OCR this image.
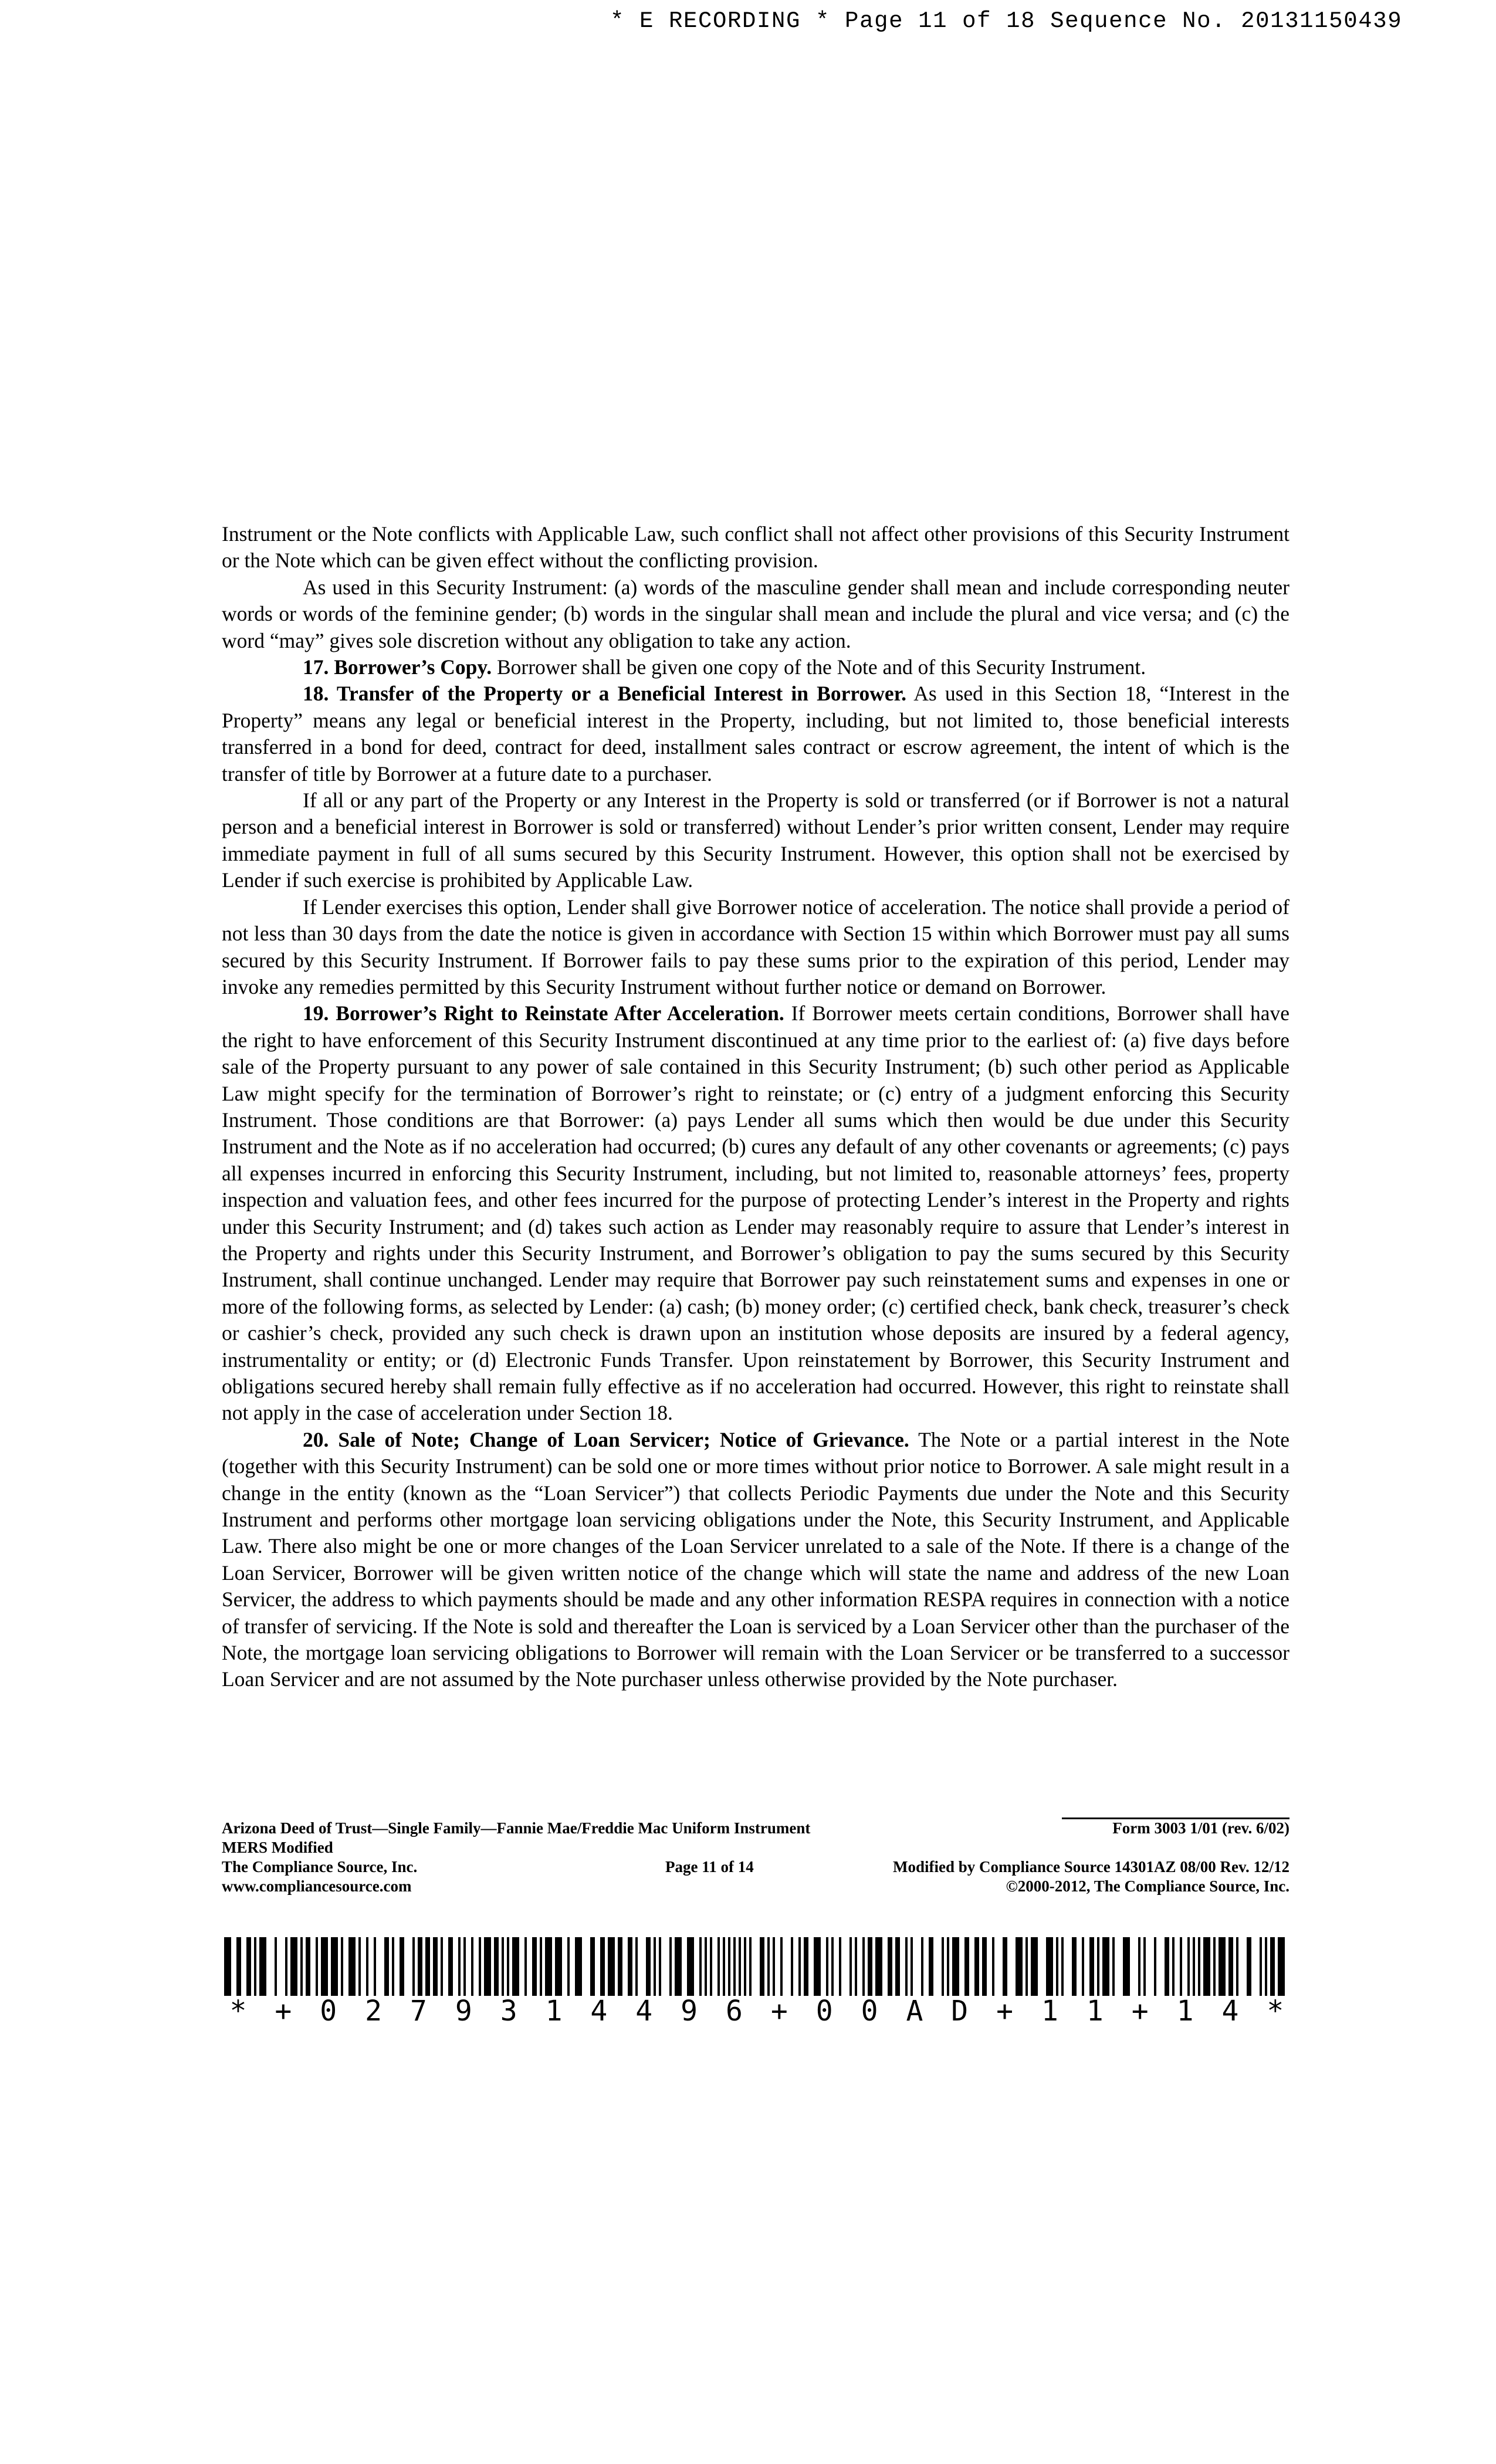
* E RECORDING * Page 11 of 18 Sequence No. 20131150439

Instrument or the Note conflicts with Applicable Law, such conflict shall not affect other provisions of this Security Instrument or the Note which can be given effect without the conflicting provision.

As used in this Security Instrument: (a) words of the masculine gender shall mean and include corresponding neuter words or words of the feminine gender; (b) words in the singular shall mean and include the plural and vice versa; and (c) the word “may” gives sole discretion without any obligation to take any action.

17. Borrower’s Copy. Borrower shall be given one copy of the Note and of this Security Instrument.

18. Transfer of the Property or a Beneficial Interest in Borrower. As used in this Section 18, “Interest in the Property” means any legal or beneficial interest in the Property, including, but not limited to, those beneficial interests transferred in a bond for deed, contract for deed, installment sales contract or escrow agreement, the intent of which is the transfer of title by Borrower at a future date to a purchaser.

If all or any part of the Property or any Interest in the Property is sold or transferred (or if Borrower is not a natural person and a beneficial interest in Borrower is sold or transferred) without Lender’s prior written consent, Lender may require immediate payment in full of all sums secured by this Security Instrument. However, this option shall not be exercised by Lender if such exercise is prohibited by Applicable Law.

If Lender exercises this option, Lender shall give Borrower notice of acceleration. The notice shall provide a period of not less than 30 days from the date the notice is given in accordance with Section 15 within which Borrower must pay all sums secured by this Security Instrument. If Borrower fails to pay these sums prior to the expiration of this period, Lender may invoke any remedies permitted by this Security Instrument without further notice or demand on Borrower.

19. Borrower’s Right to Reinstate After Acceleration. If Borrower meets certain conditions, Borrower shall have the right to have enforcement of this Security Instrument discontinued at any time prior to the earliest of: (a) five days before sale of the Property pursuant to any power of sale contained in this Security Instrument; (b) such other period as Applicable Law might specify for the termination of Borrower’s right to reinstate; or (c) entry of a judgment enforcing this Security Instrument. Those conditions are that Borrower: (a) pays Lender all sums which then would be due under this Security Instrument and the Note as if no acceleration had occurred; (b) cures any default of any other covenants or agreements; (c) pays all expenses incurred in enforcing this Security Instrument, including, but not limited to, reasonable attorneys’ fees, property inspection and valuation fees, and other fees incurred for the purpose of protecting Lender’s interest in the Property and rights under this Security Instrument; and (d) takes such action as Lender may reasonably require to assure that Lender’s interest in the Property and rights under this Security Instrument, and Borrower’s obligation to pay the sums secured by this Security Instrument, shall continue unchanged. Lender may require that Borrower pay such reinstatement sums and expenses in one or more of the following forms, as selected by Lender: (a) cash; (b) money order; (c) certified check, bank check, treasurer’s check or cashier’s check, provided any such check is drawn upon an institution whose deposits are insured by a federal agency, instrumentality or entity; or (d) Electronic Funds Transfer. Upon reinstatement by Borrower, this Security Instrument and obligations secured hereby shall remain fully effective as if no acceleration had occurred. However, this right to reinstate shall not apply in the case of acceleration under Section 18.

20. Sale of Note; Change of Loan Servicer; Notice of Grievance. The Note or a partial interest in the Note (together with this Security Instrument) can be sold one or more times without prior notice to Borrower. A sale might result in a change in the entity (known as the “Loan Servicer”) that collects Periodic Payments due under the Note and this Security Instrument and performs other mortgage loan servicing obligations under the Note, this Security Instrument, and Applicable Law. There also might be one or more changes of the Loan Servicer unrelated to a sale of the Note. If there is a change of the Loan Servicer, Borrower will be given written notice of the change which will state the name and address of the new Loan Servicer, the address to which payments should be made and any other information RESPA requires in connection with a notice of transfer of servicing. If the Note is sold and thereafter the Loan is serviced by a Loan Servicer other than the purchaser of the Note, the mortgage loan servicing obligations to Borrower will remain with the Loan Servicer or be transferred to a successor Loan Servicer and are not assumed by the Note purchaser unless otherwise provided by the Note purchaser.

Arizona Deed of Trust—Single Family—Fannie Mae/Freddie Mac Uniform Instrument	Form 3003 1/01 (rev. 6/02)
MERS Modified
The Compliance Source, Inc.	Page 11 of 14	Modified by Compliance Source 14301AZ 08/00 Rev. 12/12
www.compliancesource.com	©2000-2012, The Compliance Source, Inc.
* + 0 2 7 9 3 1 4 4 9 6 + 0 0 A D + 1 1 + 1 4 *
